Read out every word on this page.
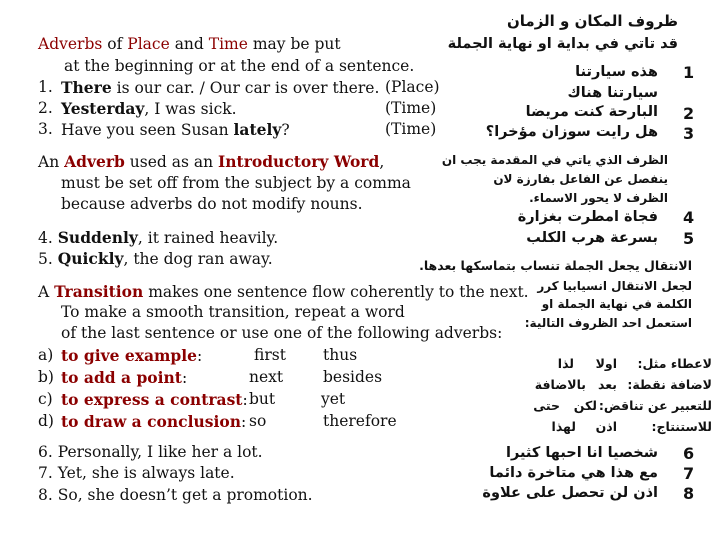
Adverbs of Place and Time may be put
at the beginning or at the end of a sentence.
1. There is our car. / Our car is over there. (Place)
2. Yesterday, I was sick.	(Time)
3. Have you seen Susan lately?	(Time)
An Adverb used as an Introductory Word,
must be set off from the subject by a comma
because adverbs do not modify nouns.
4. Suddenly, it rained heavily.
5. Quickly, the dog ran away.
A Transition makes one sentence flow coherently to the next.
To make a smooth transition, repeat a word
of the last sentence or use one of the following adverbs:
a) to give example:	first thus
b) to add a point:	next	besides
c) to express a contrast: but	yet
d) to draw a conclusion: so	therefore
6. Personally, I like her a lot.
7. Yet, she is always late.
8. So, she doesn’t get a promotion.
ظروف المكان و الزمان
قد تاتي في بداية او نهاية الجملة
1
هذه سيارتنا
سيارتنا هناك
2
البارحة كنت مريضا
3
هل رايت سوزان مؤخرا؟
الظرف الذي ياتي في المقدمة يجب ان
ينفصل عن الفاعل بفارزة لان
الظرف لا يحور الاسماء.
4
فجاة امطرت بغزارة
5
بسرعة هرب الكلب
الانتقال يجعل الجملة تنساب بتماسكها بعدها.
لجعل الانتقال انسيابيا كرر
الكلمة في نهاية الجملة او
استعمل احد الظروف التالية:
لاعطاء مثل:
اولا
لذا
لاضافة نقطة:
بعد
بالاضافة
للتعبير عن تناقض:
لكن
حتى
للاستنتاج:
اذن
لهذا
6
شخصيا انا احبها كثيرا
7
مع هذا هي متاخرة دائما
8
اذن لن تحصل على علاوة
